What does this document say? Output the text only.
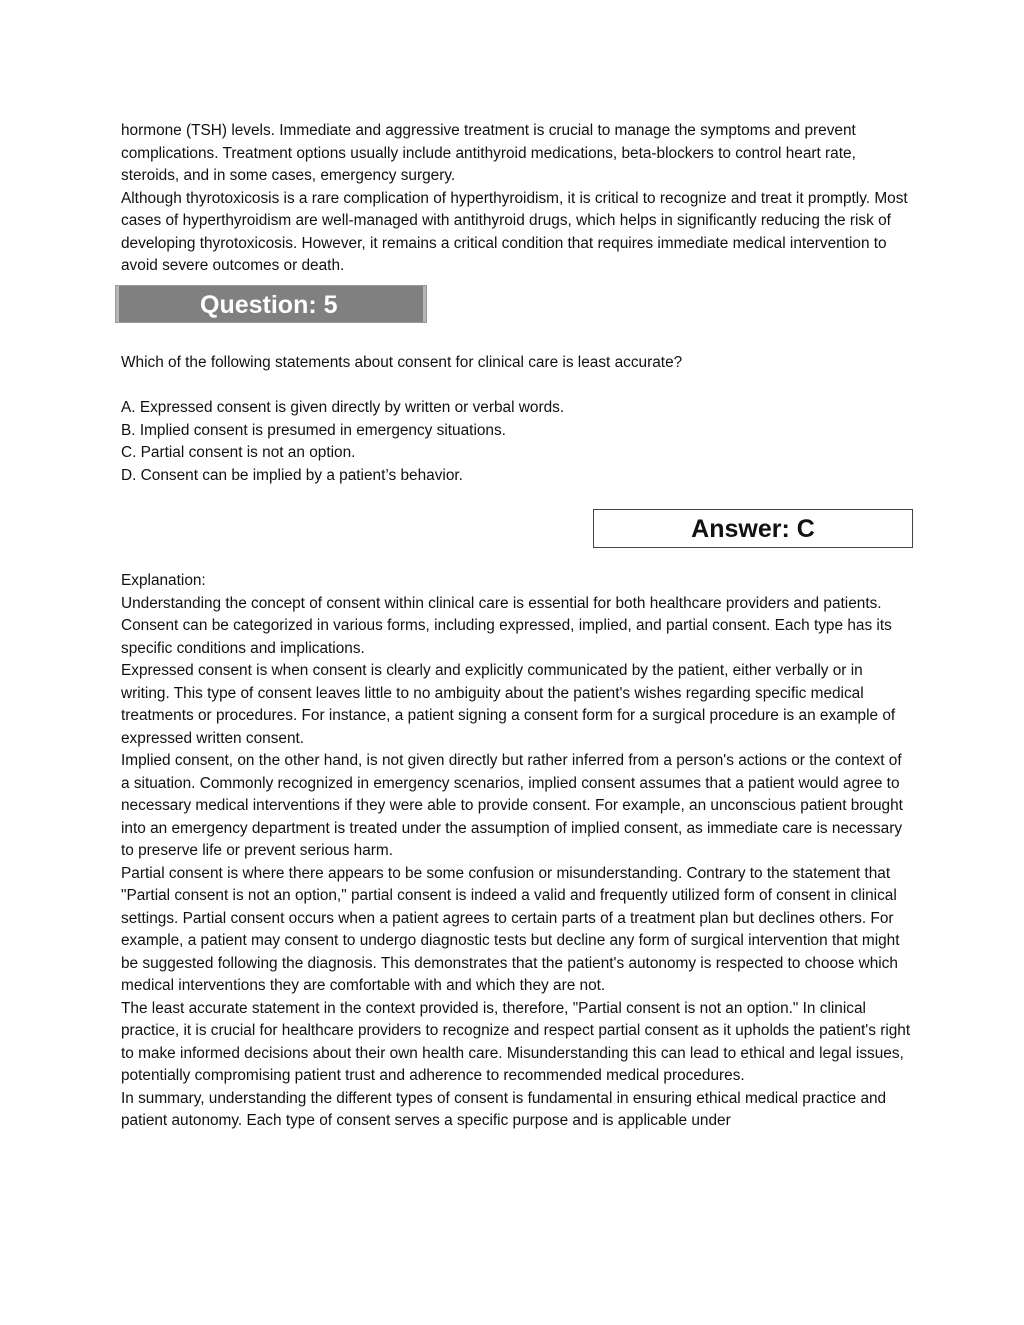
hormone (TSH) levels. Immediate and aggressive treatment is crucial to manage the symptoms and prevent complications. Treatment options usually include antithyroid medications, beta-blockers to control heart rate, steroids, and in some cases, emergency surgery.

Although thyrotoxicosis is a rare complication of hyperthyroidism, it is critical to recognize and treat it promptly. Most cases of hyperthyroidism are well-managed with antithyroid drugs, which helps in significantly reducing the risk of developing thyrotoxicosis. However, it remains a critical condition that requires immediate medical intervention to avoid severe outcomes or death.

Question: 5

Which of the following statements about consent for clinical care is least accurate?

A. Expressed consent is given directly by written or verbal words.

B. Implied consent is presumed in emergency situations.

C. Partial consent is not an option.

D. Consent can be implied by a patient’s behavior.

Answer: C

Explanation:

Understanding the concept of consent within clinical care is essential for both healthcare providers and patients. Consent can be categorized in various forms, including expressed, implied, and partial consent. Each type has its specific conditions and implications.

Expressed consent is when consent is clearly and explicitly communicated by the patient, either verbally or in writing. This type of consent leaves little to no ambiguity about the patient's wishes regarding specific medical treatments or procedures. For instance, a patient signing a consent form for a surgical procedure is an example of expressed written consent.

Implied consent, on the other hand, is not given directly but rather inferred from a person's actions or the context of a situation. Commonly recognized in emergency scenarios, implied consent assumes that a patient would agree to necessary medical interventions if they were able to provide consent. For example, an unconscious patient brought into an emergency department is treated under the assumption of implied consent, as immediate care is necessary to preserve life or prevent serious harm.

Partial consent is where there appears to be some confusion or misunderstanding. Contrary to the statement that "Partial consent is not an option," partial consent is indeed a valid and frequently utilized form of consent in clinical settings. Partial consent occurs when a patient agrees to certain parts of a treatment plan but declines others. For example, a patient may consent to undergo diagnostic tests but decline any form of surgical intervention that might be suggested following the diagnosis. This demonstrates that the patient's autonomy is respected to choose which medical interventions they are comfortable with and which they are not.

The least accurate statement in the context provided is, therefore, "Partial consent is not an option." In clinical practice, it is crucial for healthcare providers to recognize and respect partial consent as it upholds the patient's right to make informed decisions about their own health care. Misunderstanding this can lead to ethical and legal issues, potentially compromising patient trust and adherence to recommended medical procedures.

In summary, understanding the different types of consent is fundamental in ensuring ethical medical practice and patient autonomy. Each type of consent serves a specific purpose and is applicable under
